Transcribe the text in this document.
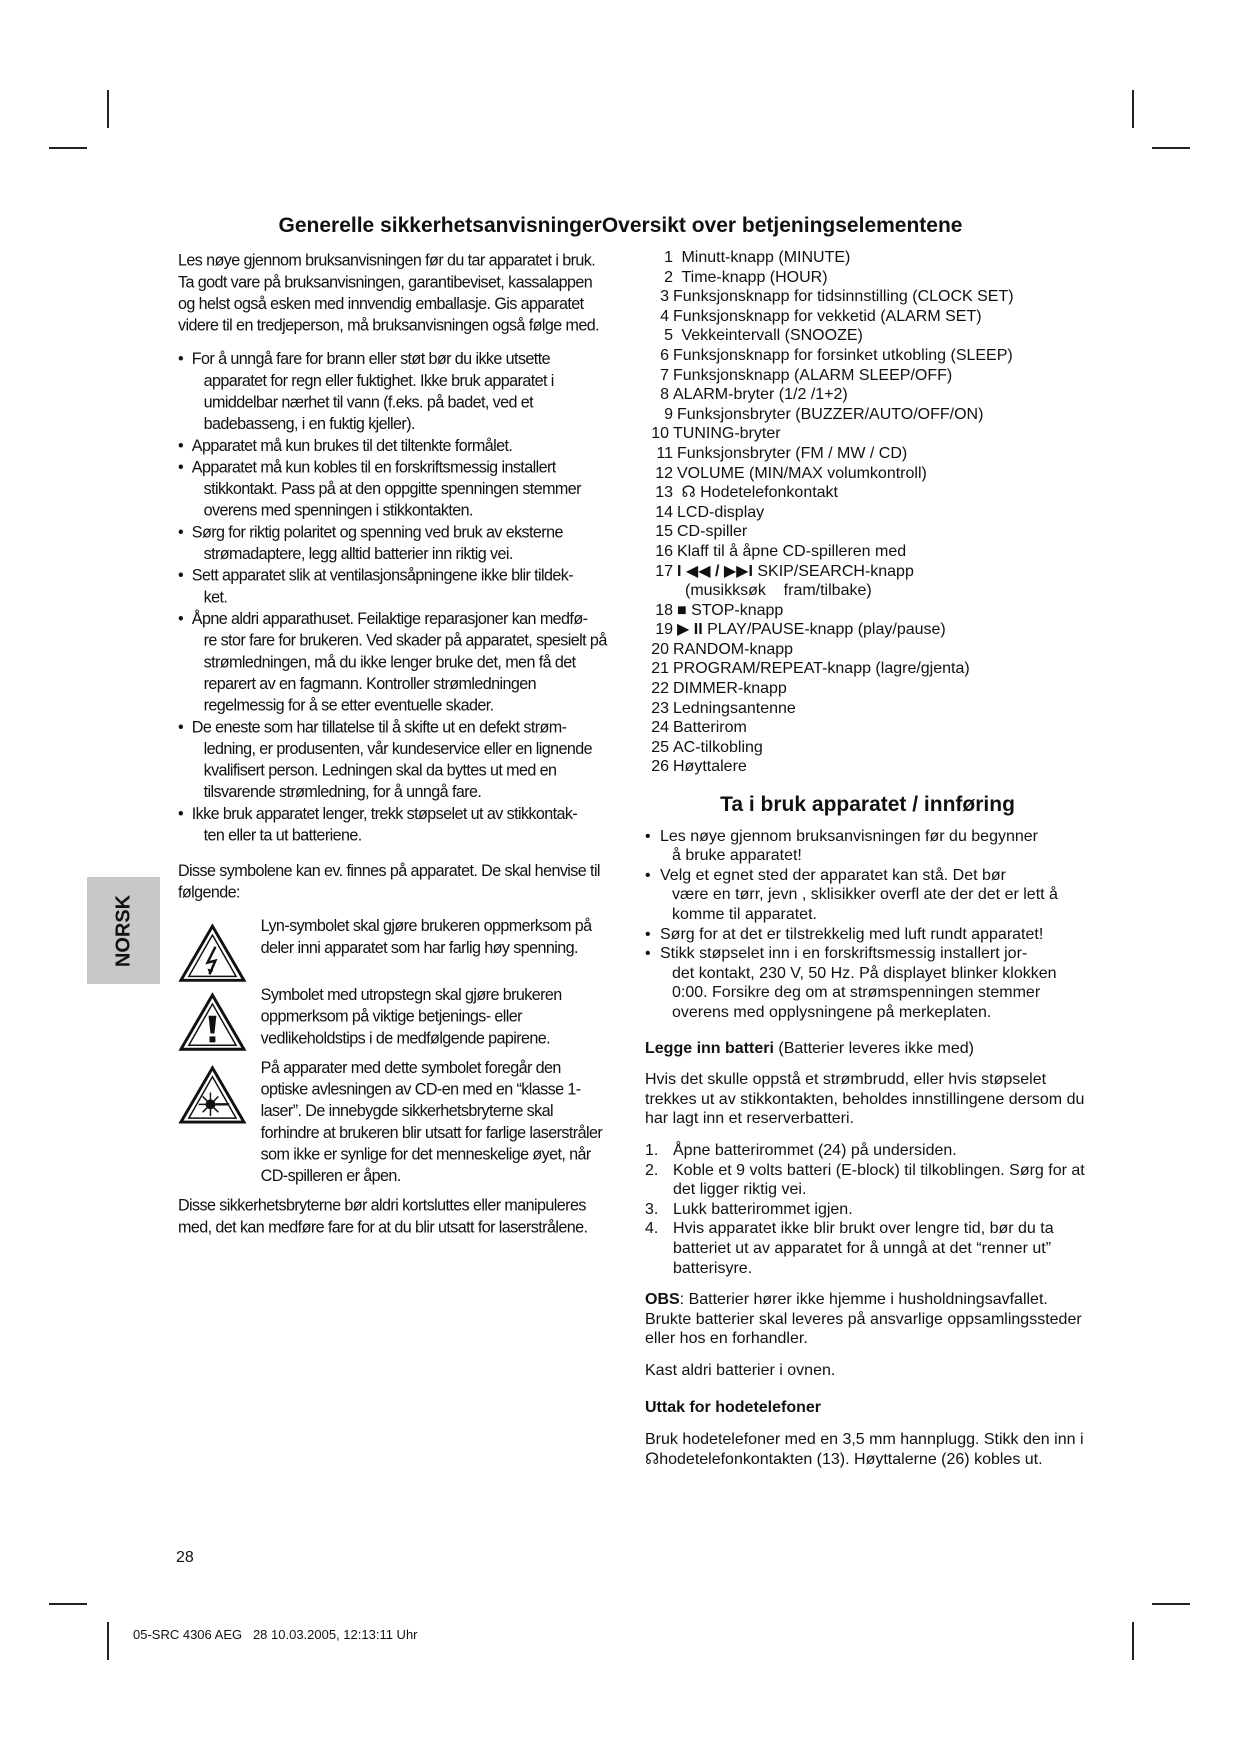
Generelle sikkerhetsanvisningerOversikt over betjeningselementene

Les nøye gjennom bruksanvisningen før du tar apparatet i bruk. Ta godt vare på bruksanvisningen, garantibeviset, kassalappen og helst også esken med innvendig emballasje. Gis apparatet videre til en tredjeperson, må bruksanvisningen også følge med.

• For å unngå fare for brann eller støt bør du ikke utsette
apparatet for regn eller fuktighet. Ikke bruk apparatet i umiddelbar nærhet til vann (f.eks. på badet, ved et badebasseng, i en fuktig kjeller).
• Apparatet må kun brukes til det tiltenkte formålet.
• Apparatet må kun kobles til en forskriftsmessig installert
stikkontakt. Pass på at den oppgitte spenningen stemmer overens med spenningen i stikkontakten.
• Sørg for riktig polaritet og spenning ved bruk av eksterne
strømadaptere, legg alltid batterier inn riktig vei.
• Sett apparatet slik at ventilasjonsåpningene ikke blir tildek-
ket.
• Åpne aldri apparathuset. Feilaktige reparasjoner kan medfø-
re stor fare for brukeren. Ved skader på apparatet, spesielt på strømledningen, må du ikke lenger bruke det, men få det reparert av en fagmann. Kontroller strømledningen regelmessig for å se etter eventuelle skader.
• De eneste som har tillatelse til å skifte ut en defekt strøm-
ledning, er produsenten, vår kundeservice eller en lignende kvalifisert person. Ledningen skal da byttes ut med en tilsvarende strømledning, for å unngå fare.
• Ikke bruk apparatet lenger, trekk støpselet ut av stikkontak-
ten eller ta ut batteriene.

Disse symbolene kan ev. finnes på apparatet. De skal henvise til følgende:

Lyn-symbolet skal gjøre brukeren oppmerksom på deler inni apparatet som har farlig høy spenning.
Symbolet med utropstegn skal gjøre brukeren oppmerksom på viktige betjenings- eller vedlikeholdstips i de medfølgende papirene.
På apparater med dette symbolet foregår den optiske avlesningen av CD-en med en “klasse 1-laser”. De innebygde sikkerhetsbryterne skal forhindre at brukeren blir utsatt for farlige laserstråler som ikke er synlige for det menneskelige øyet, når CD-spilleren er åpen.

Disse sikkerhetsbryterne bør aldri kortsluttes eller manipuleres med, det kan medføre fare for at du blir utsatt for laserstrålene.

1 Minutt-knapp (MINUTE)
2 Time-knapp (HOUR)
3 Funksjonsknapp for tidsinnstilling (CLOCK SET)
4 Funksjonsknapp for vekketid (ALARM SET)
5 Vekkeintervall (SNOOZE)
6 Funksjonsknapp for forsinket utkobling (SLEEP)
7 Funksjonsknapp (ALARM SLEEP/OFF)
8 ALARM-bryter (1/2 /1+2)
9 Funksjonsbryter (BUZZER/AUTO/OFF/ON)
10 TUNING-bryter
11 Funksjonsbryter (FM / MW / CD)
12 VOLUME (MIN/MAX volumkontroll)
13 ☊ Hodetelefonkontakt
14 LCD-display
15 CD-spiller
16 Klaff til å åpne CD-spilleren med
17 I ◀◀ / ▶▶I SKIP/SEARCH-knapp
(musikksøk    fram/tilbake)
18 ■ STOP-knapp
19 ▶ II PLAY/PAUSE-knapp (play/pause)
20 RANDOM-knapp
21 PROGRAM/REPEAT-knapp (lagre/gjenta)
22 DIMMER-knapp
23 Ledningsantenne
24 Batterirom
25 AC-tilkobling
26 Høyttalere
Ta i bruk apparatet / innføring
• Les nøye gjennom bruksanvisningen før du begynner
å bruke apparatet!
• Velg et egnet sted der apparatet kan stå. Det bør
være en tørr, jevn , sklisikker overfl ate der det er lett å komme til apparatet.
• Sørg for at det er tilstrekkelig med luft rundt apparatet!
• Stikk støpselet inn i en forskriftsmessig installert jor-
det kontakt, 230 V, 50 Hz. På displayet blinker klokken 0:00. Forsikre deg om at strømspenningen stemmer overens med opplysningene på merkeplaten.

Legge inn batteri (Batterier leveres ikke med)

Hvis det skulle oppstå et strømbrudd, eller hvis støpselet trekkes ut av stikkontakten, beholdes innstillingene dersom du har lagt inn et reserverbatteri.

1. Åpne batterirommet (24) på undersiden.
2. Koble et 9 volts batteri (E-block) til tilkoblingen. Sørg for at det ligger riktig vei.
3. Lukk batterirommet igjen.
4. Hvis apparatet ikke blir brukt over lengre tid, bør du ta batteriet ut av apparatet for å unngå at det “renner ut” batterisyre.

OBS: Batterier hører ikke hjemme i husholdningsavfallet. Brukte batterier skal leveres på ansvarlige oppsamlingssteder eller hos en forhandler.

Kast aldri batterier i ovnen.

Uttak for hodetelefoner

Bruk hodetelefoner med en 3,5 mm hannplugg. Stikk den inn i ☊hodetelefonkontakten (13). Høyttalerne (26) kobles ut.

NORSK
28
05-SRC 4306 AEG   28 10.03.2005, 12:13:11 Uhr
